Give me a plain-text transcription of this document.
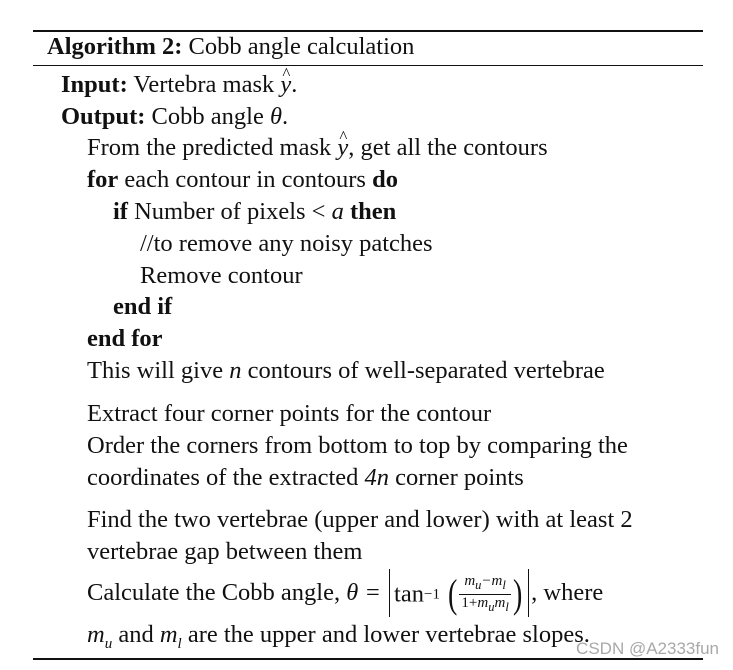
Algorithm 2: Cobb angle calculation
Input: Vertebra mask ^ y.
Output: Cobb angle θ.
From the predicted mask ^ y, get all the contours
for each contour in contours do
if Number of pixels < a then
//to remove any noisy patches
Remove contour
end if
end for
This will give n contours of well-separated vertebrae
Extract four corner points for the contour
Order the corners from bottom to top by comparing the
coordinates of the extracted 4n corner points
Find the two vertebrae (upper and lower) with at least 2
vertebrae gap between them
Calculate the Cobb angle, θ = tan−1 ( $\frac{m_u-m_l}{1+m_um_l}$ ) , where
$m_u$ and $m_l$ are the upper and lower vertebrae slopes.
CSDN @A2333fun
